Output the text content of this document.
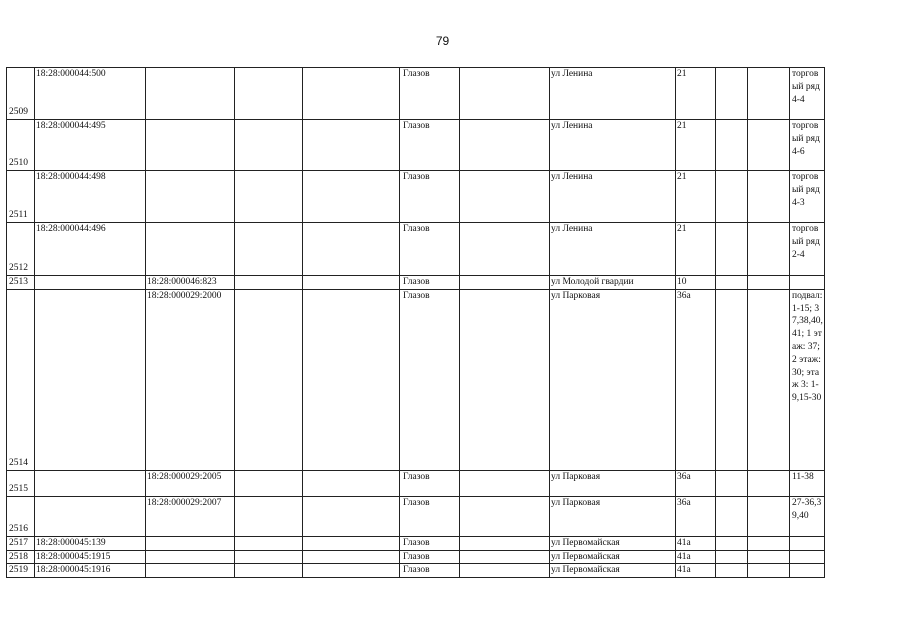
79
2509	18:28:000044:500				Глазов		ул Ленина	21			торговый ряд 4-4
2510	18:28:000044:495				Глазов		ул Ленина	21			торговый ряд 4-6
2511	18:28:000044:498				Глазов		ул Ленина	21			торговый ряд 4-3
2512	18:28:000044:496				Глазов		ул Ленина	21			торговый ряд 2-4
2513		18:28:000046:823			Глазов		ул Молодой гвардии	10			
2514		18:28:000029:2000			Глазов		ул Парковая	36а			подвал: 1-15; 37,38,40,41; 1 этаж: 37; 2 этаж: 30; этаж 3: 1-9,15-30
2515		18:28:000029:2005			Глазов		ул Парковая	36а			11-38
2516		18:28:000029:2007			Глазов		ул Парковая	36а			27-36,39,40
2517	18:28:000045:139				Глазов		ул Первомайская	41а			
2518	18:28:000045:1915				Глазов		ул Первомайская	41а			
2519	18:28:000045:1916				Глазов		ул Первомайская	41а			
